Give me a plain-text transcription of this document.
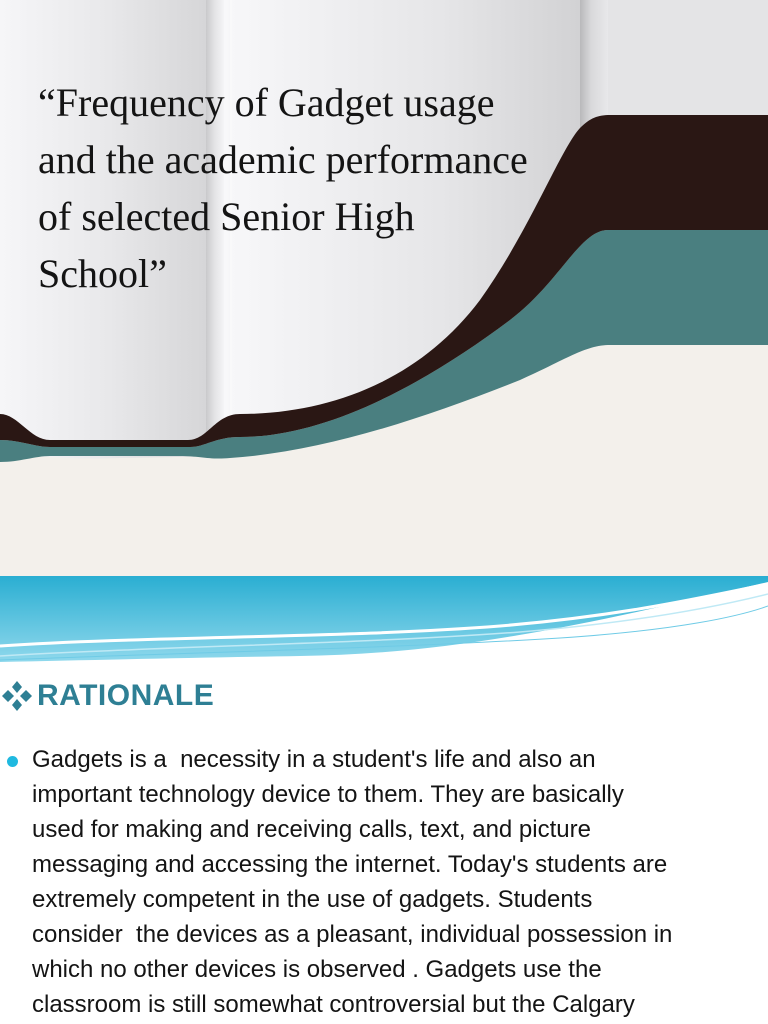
“Frequency of Gadget usage and the academic performance of selected Senior High School”
RATIONALE

Gadgets is a  necessity in a student's life and also an
important technology device to them. They are basically
used for making and receiving calls, text, and picture
messaging and accessing the internet. Today's students are
extremely competent in the use of gadgets. Students
consider  the devices as a pleasant, individual possession in
which no other devices is observed . Gadgets use the
classroom is still somewhat controversial but the Calgary
